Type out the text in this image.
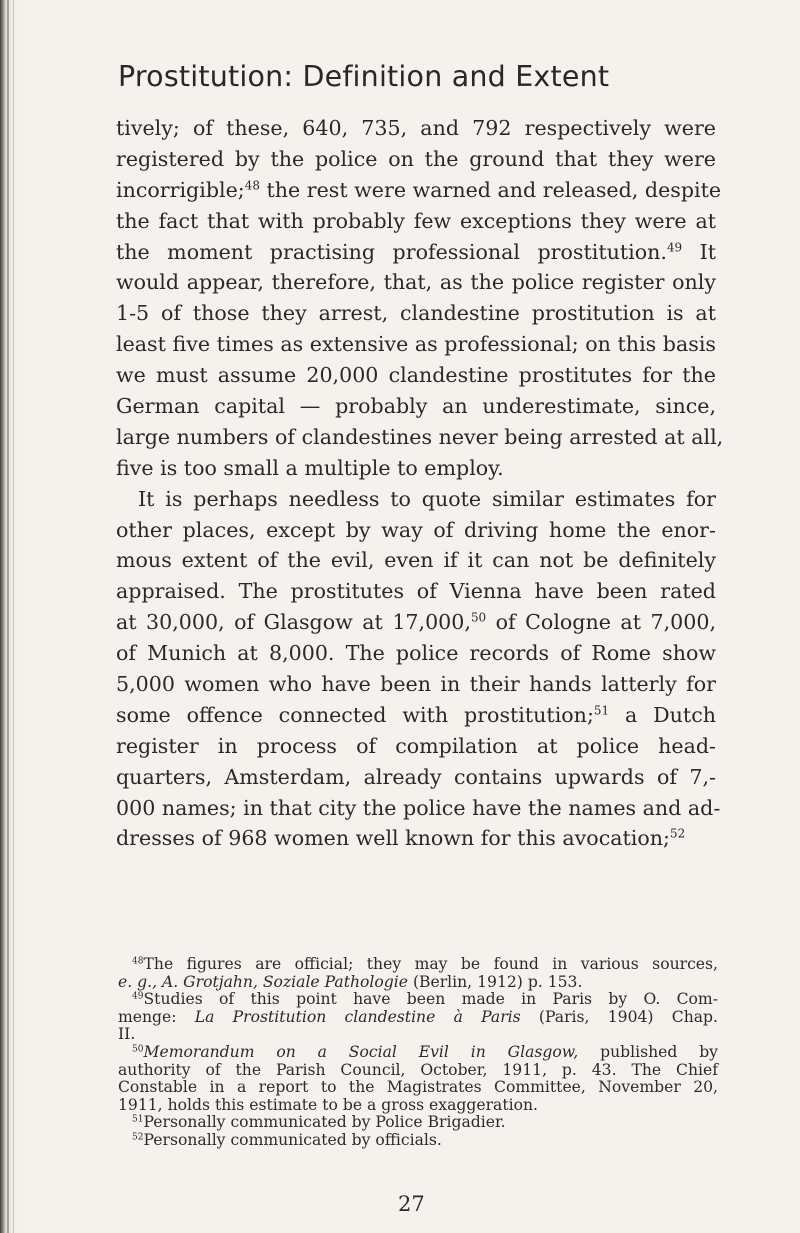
Prostitution: Definition and Extent
tively; of these, 640, 735, and 792 respectively were
registered by the police on the ground that they were
incorrigible;$^{48}$ the rest were warned and released, despite
the fact that with probably few exceptions they were at
the moment practising professional prostitution.$^{49}$ It
would appear, therefore, that, as the police register only
1-5 of those they arrest, clandestine prostitution is at
least five times as extensive as professional; on this basis
we must assume 20,000 clandestine prostitutes for the
German capital — probably an underestimate, since,
large numbers of clandestines never being arrested at all,
five is too small a multiple to employ.
It is perhaps needless to quote similar estimates for
other places, except by way of driving home the enor-
mous extent of the evil, even if it can not be definitely
appraised. The prostitutes of Vienna have been rated
at 30,000, of Glasgow at 17,000,50 of Cologne at 7,000,
of Munich at 8,000. The police records of Rome show
5,000 women who have been in their hands latterly for
some offence connected with prostitution;$^{51}$ a Dutch
register in process of compilation at police head-
quarters, Amsterdam, already contains upwards of 7,-
000 names; in that city the police have the names and ad-
dresses of 968 women well known for this avocation;$^{52}$
$^{48}$The figures are official; they may be found in various sources,
e. g., A. Grotjahn, Soziale Pathologie (Berlin, 1912) p. 153.
$^{49}$Studies of this point have been made in Paris by O. Com-
menge: La Prostitution clandestine à Paris (Paris, 1904) Chap.
II.
$^{50}$Memorandum on a Social Evil in Glasgow, published by
authority of the Parish Council, October, 1911, p. 43. The Chief
Constable in a report to the Magistrates Committee, November 20,
1911, holds this estimate to be a gross exaggeration.
$^{51}$Personally communicated by Police Brigadier.
$^{52}$Personally communicated by officials.
27
